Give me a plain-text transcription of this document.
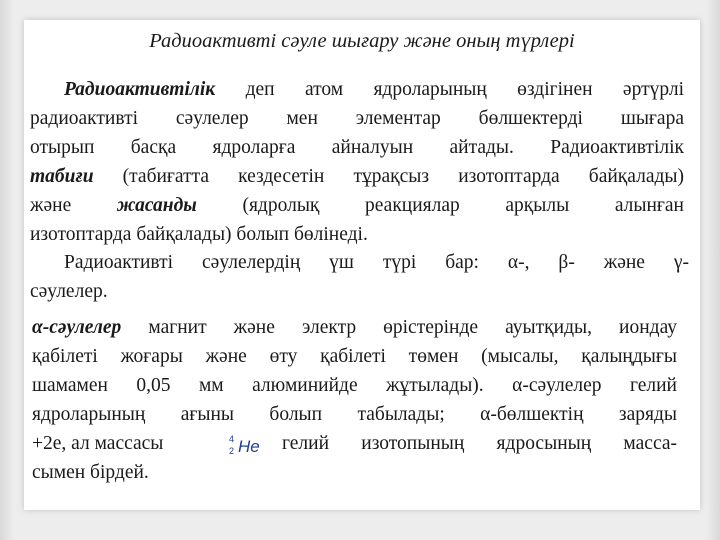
Радиоактивті сәуле шығару және оның түрлері
Радиоактивтілік деп атом ядроларының өздігінен әртүрлі
радиоактивті сәулелер мен элементар бөлшектерді шығара
отырып басқа ядроларға айналуын айтады. Радиоактивтілік
табиғи (табиғатта кездесетін тұрақсыз изотоптарда байқалады)
және жасанды (ядролық реакциялар арқылы алынған
изотоптарда байқалады) болып бөлінеді.
Радиоактивті сәулелердің үш түрі бар: α-, β- және γ-
сәулелер.
α-сәулелер магнит және электр өрістерінде ауытқиды, иондау
қабілеті жоғары және өту қабілеті төмен (мысалы, қалыңдығы
шамамен 0,05 мм алюминийде жұтылады). α-сәулелер гелий
ядроларының ағыны болып табылады; α-бөлшектің заряды
+2е, ал массасы	4
2 He гелий изотопының ядросының масса-
сымен бірдей.
